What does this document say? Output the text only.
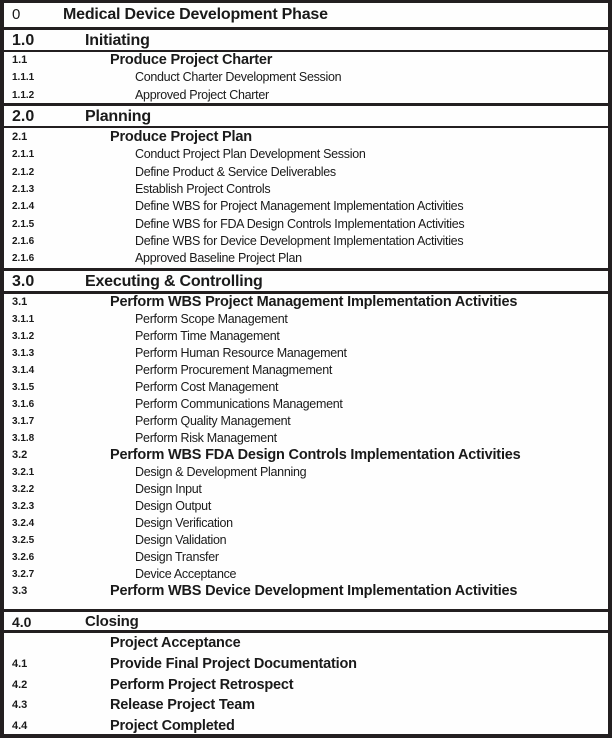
0	Medical Device Development Phase
1.0	Initiating
1.1	Produce Project Charter
1.1.1	Conduct Charter Development Session
1.1.2	Approved Project Charter
2.0	Planning
2.1	Produce Project Plan
2.1.1	Conduct Project Plan Development Session
2.1.2	Define Product & Service Deliverables
2.1.3	Establish Project Controls
2.1.4	Define WBS for Project Management Implementation Activities
2.1.5	Define WBS for FDA Design Controls Implementation Activities
2.1.6	Define WBS for Device Development Implementation Activities
2.1.6	Approved Baseline Project Plan
3.0	Executing & Controlling
3.1	Perform WBS Project Management Implementation Activities
3.1.1	Perform Scope Management
3.1.2	Perform Time Management
3.1.3	Perform Human Resource Management
3.1.4	Perform Procurement Managmement
3.1.5	Perform Cost Management
3.1.6	Perform Communications Management
3.1.7	Perform Quality Management
3.1.8	Perform Risk Management
3.2	Perform WBS FDA Design Controls Implementation Activities
3.2.1	Design & Development Planning
3.2.2	Design Input
3.2.3	Design Output
3.2.4	Design Verification
3.2.5	Design Validation
3.2.6	Design Transfer
3.2.7	Device Acceptance
3.3	Perform WBS Device Development Implementation Activities
4.0	Closing
Project Acceptance
4.1	Provide Final Project Documentation
4.2	Perform Project Retrospect
4.3	Release Project Team
4.4	Project Completed
